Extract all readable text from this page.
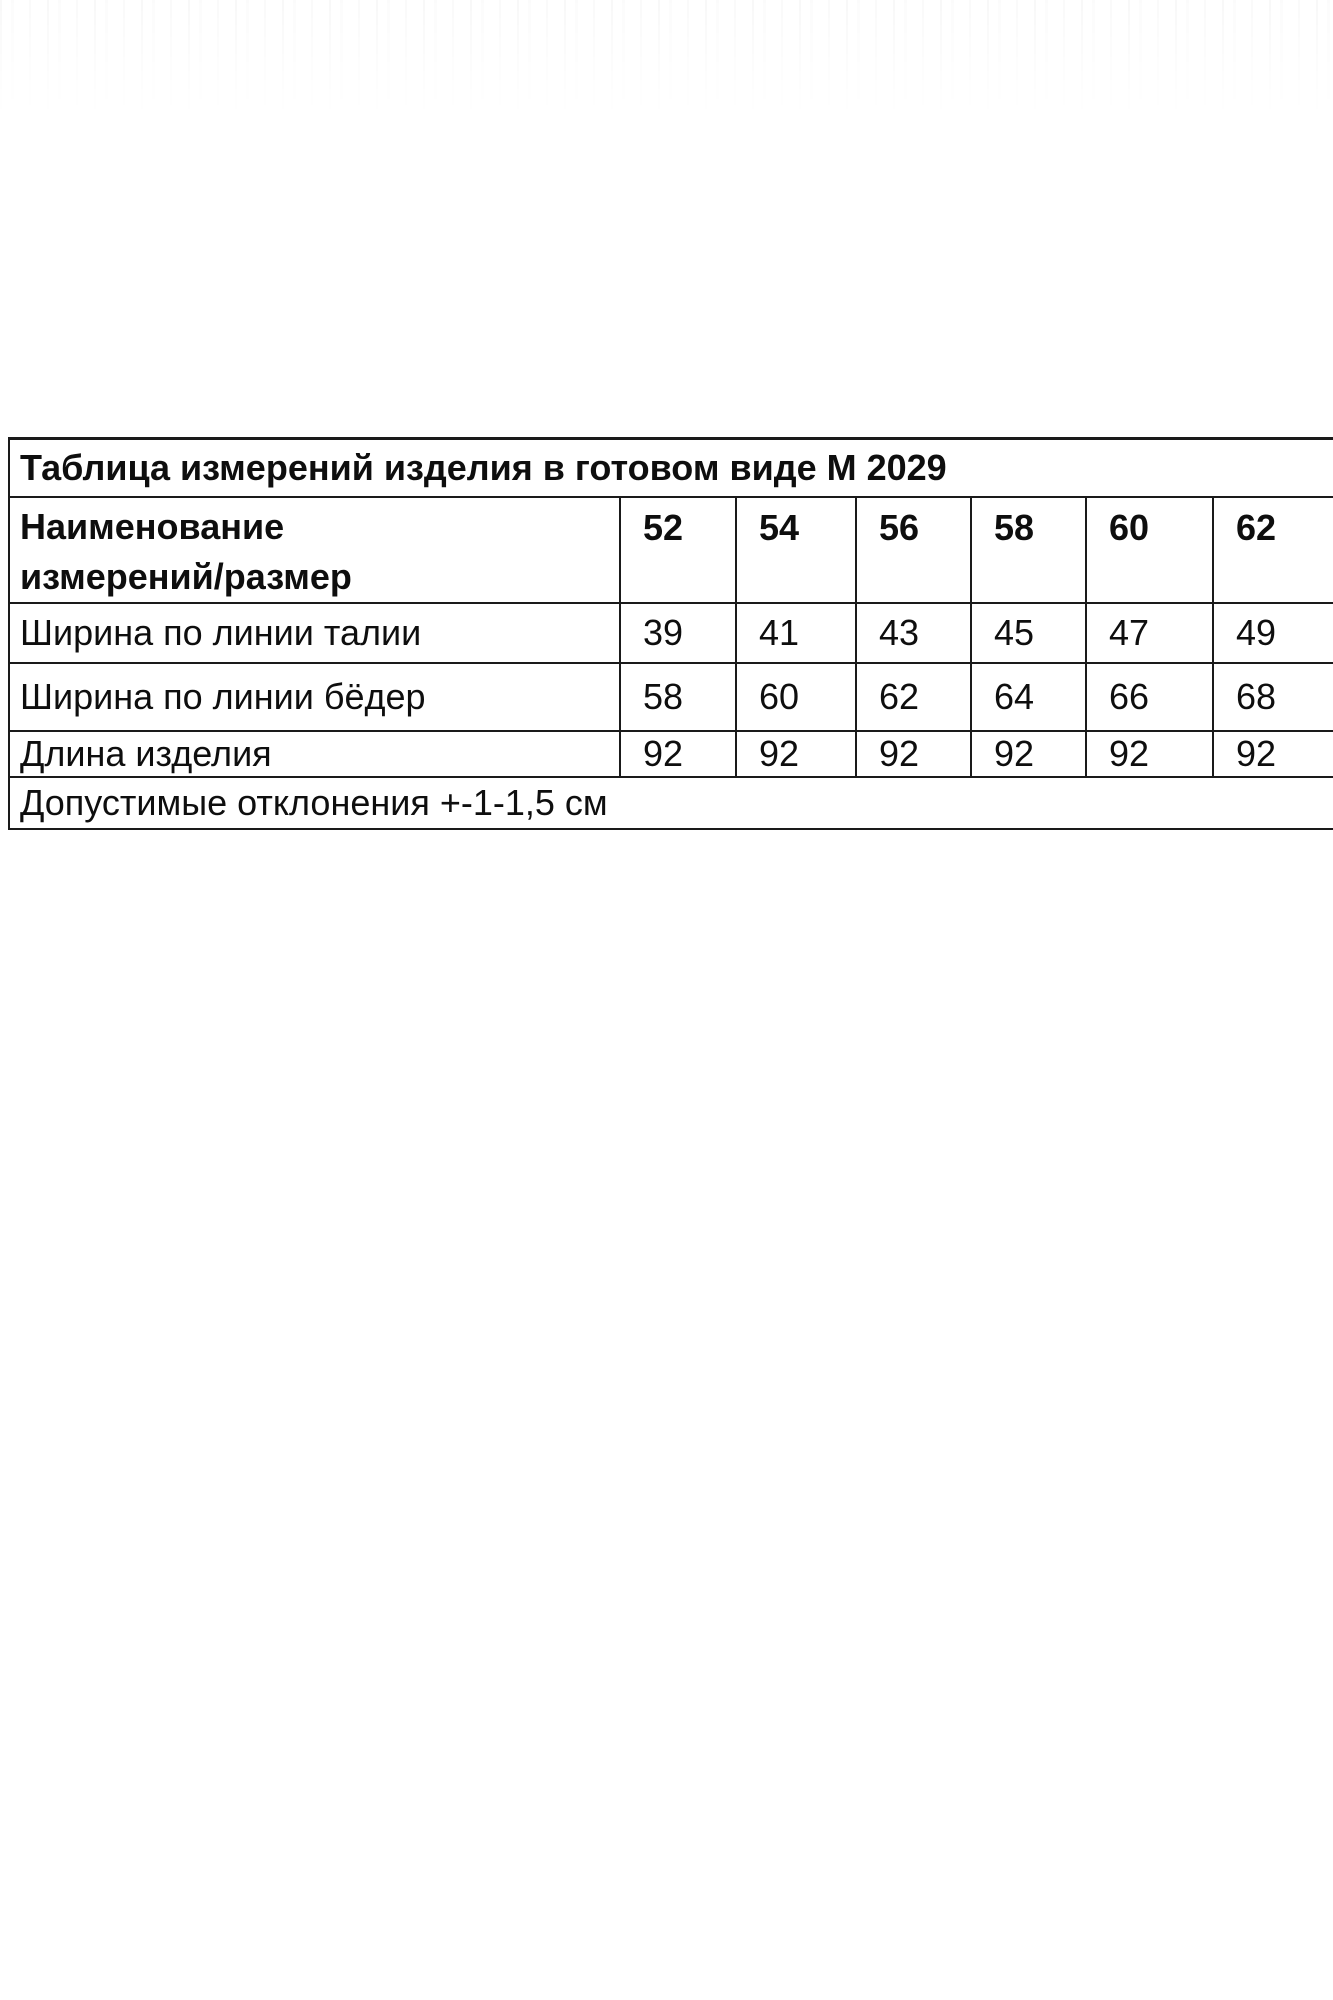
Таблица измерений изделия в готовом виде М 2029						

Наименование
измерений/размер	52	54	56	58	60	62
Ширина по линии талии	39	41	43	45	47	49
Ширина по линии бёдер	58	60	62	64	66	68
Длина изделия	92	92	92	92	92	92
Допустимые отклонения +-1-1,5 см						
